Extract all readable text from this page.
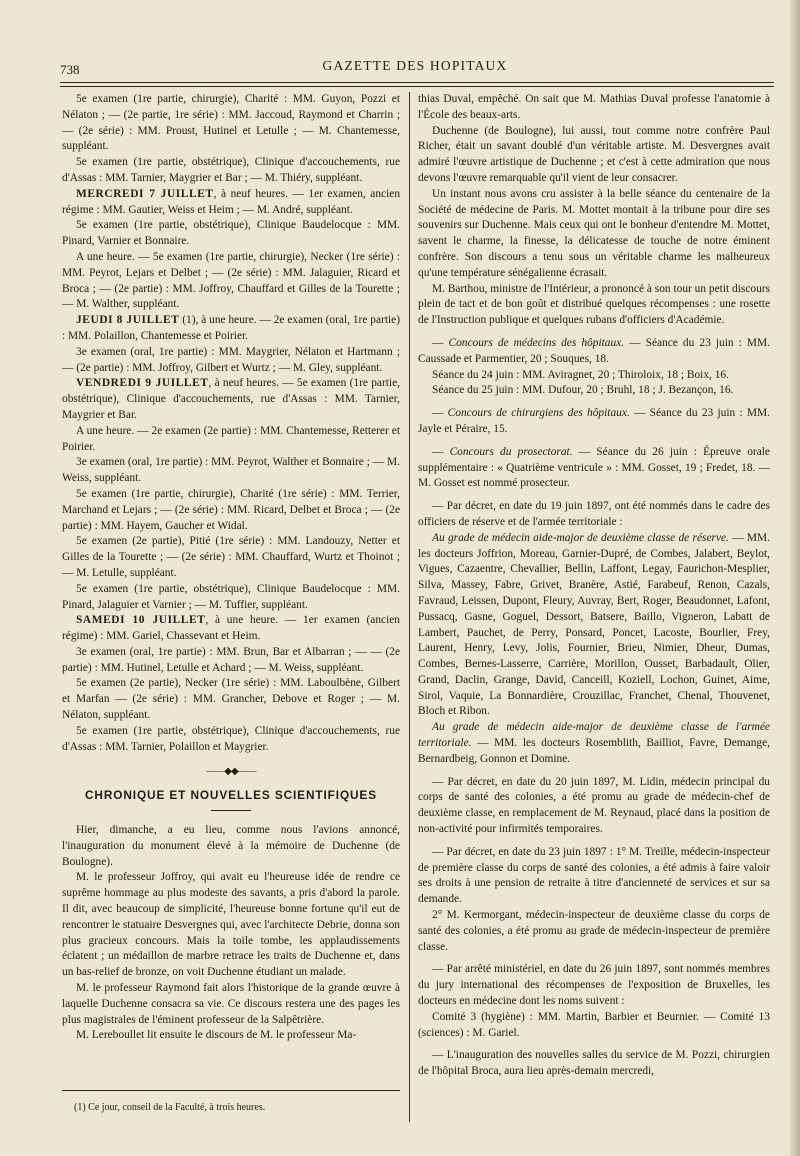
738	GAZETTE DES HOPITAUX

5e examen (1re partie, chirurgie), Charité : MM. Guyon, Pozzi et Nélaton ; — (2e partie, 1re série) : MM. Jaccoud, Raymond et Charrin ; — (2e série) : MM. Proust, Hutinel et Letulle ; — M. Chantemesse, suppléant.

5e examen (1re partie, obstétrique), Clinique d'accouchements, rue d'Assas : MM. Tarnier, Maygrier et Bar ; — M. Thiéry, suppléant.

MERCREDI 7 JUILLET, à neuf heures. — 1er examen, ancien régime : MM. Gautier, Weiss et Heim ; — M. André, suppléant.

5e examen (1re partie, obstétrique), Clinique Baudelocque : MM. Pinard, Varnier et Bonnaire.

A une heure. — 5e examen (1re partie, chirurgie), Necker (1re série) : MM. Peyrot, Lejars et Delbet ; — (2e série) : MM. Jalaguier, Ricard et Broca ; — (2e partie) : MM. Joffroy, Chauffard et Gilles de la Tourette ; — M. Walther, suppléant.

JEUDI 8 JUILLET (1), à une heure. — 2e examen (oral, 1re partie) : MM. Polaillon, Chantemesse et Poirier.

3e examen (oral, 1re partie) : MM. Maygrier, Nélaton et Hartmann ; — (2e partie) : MM. Joffroy, Gilbert et Wurtz ; — M. Gley, suppléant.

VENDREDI 9 JUILLET, à neuf heures. — 5e examen (1re partie, obstétrique), Clinique d'accouchements, rue d'Assas : MM. Tarnier, Maygrier et Bar.

A une heure. — 2e examen (2e partie) : MM. Chantemesse, Retterer et Poirier.

3e examen (oral, 1re partie) : MM. Peyrot, Walther et Bonnaire ; — M. Weiss, suppléant.

5e examen (1re partie, chirurgie), Charité (1re série) : MM. Terrier, Marchand et Lejars ; — (2e série) : MM. Ricard, Delbet et Broca ; — (2e partie) : MM. Hayem, Gaucher et Widal.

5e examen (2e partie), Pitié (1re série) : MM. Landouzy, Netter et Gilles de la Tourette ; — (2e série) : MM. Chauffard, Wurtz et Thoinot ; — M. Letulle, suppléant.

5e examen (1re partie, obstétrique), Clinique Baudelocque : MM. Pinard, Jalaguier et Varnier ; — M. Tuffier, suppléant.

SAMEDI 10 JUILLET, à une heure. — 1er examen (ancien régime) : MM. Gariel, Chassevant et Heim.

3e examen (oral, 1re partie) : MM. Brun, Bar et Albarran ; — — (2e partie) : MM. Hutinel, Letulle et Achard ; — M. Weiss, suppléant.

5e examen (2e partie), Necker (1re série) : MM. Laboulbène, Gilbert et Marfan — (2e série) : MM. Grancher, Debove et Roger ; — M. Nélaton, suppléant.

5e examen (1re partie, obstétrique), Clinique d'accouchements, rue d'Assas : MM. Tarnier, Polaillon et Maygrier.

——◆◆——
CHRONIQUE ET NOUVELLES SCIENTIFIQUES

Hier, dimanche, a eu lieu, comme nous l'avions annoncé, l'inauguration du monument élevé à la mémoire de Duchenne (de Boulogne).

M. le professeur Joffroy, qui avait eu l'heureuse idée de rendre ce suprême hommage au plus modeste des savants, a pris d'abord la parole. Il dit, avec beaucoup de simplicité, l'heureuse bonne fortune qu'il eut de rencontrer le statuaire Desvergnes qui, avec l'architecte Debrie, donna son plus gracieux concours. Mais la toile tombe, les applaudissements éclatent ; un médaillon de marbre retrace les traits de Duchenne et, dans un bas-relief de bronze, on voit Duchenne étudiant un malade.

M. le professeur Raymond fait alors l'historique de la grande œuvre à laquelle Duchenne consacra sa vie. Ce discours restera une des pages les plus magistrales de l'éminent professeur de la Salpêtrière.

M. Lereboullet lit ensuite le discours de M. le professeur Ma-

(1) Ce jour, conseil de la Faculté, à trois heures.

thias Duval, empêché. On sait que M. Mathias Duval professe l'anatomie à l'École des beaux-arts.

Duchenne (de Boulogne), lui aussi, tout comme notre confrère Paul Richer, était un savant doublé d'un véritable artiste. M. Desvergnes avait admiré l'œuvre artistique de Duchenne ; et c'est à cette admiration que nous devons l'œuvre remarquable qu'il vient de leur consacrer.

Un instant nous avons cru assister à la belle séance du centenaire de la Société de médecine de Paris. M. Mottet montait à la tribune pour dire ses souvenirs sur Duchenne. Mais ceux qui ont le bonheur d'entendre M. Mottet, savent le charme, la finesse, la délicatesse de touche de notre éminent confrère. Son discours a tenu sous un véritable charme les malheureux qu'une température sénégalienne écrasait.

M. Barthou, ministre de l'Intérieur, a prononcé à son tour un petit discours plein de tact et de bon goût et distribué quelques récompenses : une rosette de l'Instruction publique et quelques rubans d'officiers d'Académie.

— Concours de médecins des hôpitaux. — Séance du 23 juin : MM. Caussade et Parmentier, 20 ; Souques, 18.

Séance du 24 juin : MM. Aviragnet, 20 ; Thiroloix, 18 ; Boix, 16.

Séance du 25 juin : MM. Dufour, 20 ; Bruhl, 18 ; J. Bezançon, 16.

— Concours de chirurgiens des hôpitaux. — Séance du 23 juin : MM. Jayle et Péraire, 15.

— Concours du prosectorat. — Séance du 26 juin : Épreuve orale supplémentaire : « Quatrième ventricule » : MM. Gosset, 19 ; Fredet, 18. — M. Gosset est nommé prosecteur.

— Par décret, en date du 19 juin 1897, ont été nommés dans le cadre des officiers de réserve et de l'armée territoriale :

Au grade de médecin aide-major de deuxième classe de réserve. — MM. les docteurs Joffrion, Moreau, Garnier-Dupré, de Combes, Jalabert, Beylot, Vigues, Cazaentre, Chevallier, Bellin, Laffont, Legay, Faurichon-Mesplier, Silva, Massey, Fabre, Grivet, Branère, Astié, Farabeuf, Renon, Cazals, Favraud, Leissen, Dupont, Fleury, Auvray, Bert, Roger, Beaudonnet, Lafont, Pussacq, Gasne, Goguel, Dessort, Batsere, Baillo, Vigneron, Labatt de Lambert, Pauchet, de Perry, Ponsard, Poncet, Lacoste, Bourlier, Frey, Laurent, Henry, Levy, Jolis, Fournier, Brieu, Nimier, Dheur, Dumas, Combes, Bernes-Lasserre, Carrière, Morillon, Ousset, Barbadault, Olier, Grand, Daclin, Grange, David, Canceill, Koziell, Lochon, Guinet, Aime, Sirol, Vaquie, La Bonnardière, Crouzillac, Franchet, Chenal, Thouvenet, Bloch et Ribon.

Au grade de médecin aide-major de deuxième classe de l'armée territoriale. — MM. les docteurs Rosemblith, Bailliot, Favre, Demange, Bernardbeig, Gonnon et Domine.

— Par décret, en date du 20 juin 1897, M. Lidin, médecin principal du corps de santé des colonies, a été promu au grade de médecin-chef de deuxième classe, en remplacement de M. Reynaud, placé dans la position de non-activité pour infirmités temporaires.

— Par décret, en date du 23 juin 1897 : 1° M. Treille, médecin-inspecteur de première classe du corps de santé des colonies, a été admis à faire valoir ses droits à une pension de retraite à titre d'ancienneté de services et sur sa demande.

2° M. Kermorgant, médecin-inspecteur de deuxième classe du corps de santé des colonies, a été promu au grade de médecin-inspecteur de première classe.

— Par arrêté ministériel, en date du 26 juin 1897, sont nommés membres du jury international des récompenses de l'exposition de Bruxelles, les docteurs en médecine dont les noms suivent :

Comité 3 (hygiène) : MM. Martin, Barbier et Beurnier. — Comité 13 (sciences) : M. Gariel.

— L'inauguration des nouvelles salles du service de M. Pozzi, chirurgien de l'hôpital Broca, aura lieu après-demain mercredi,
